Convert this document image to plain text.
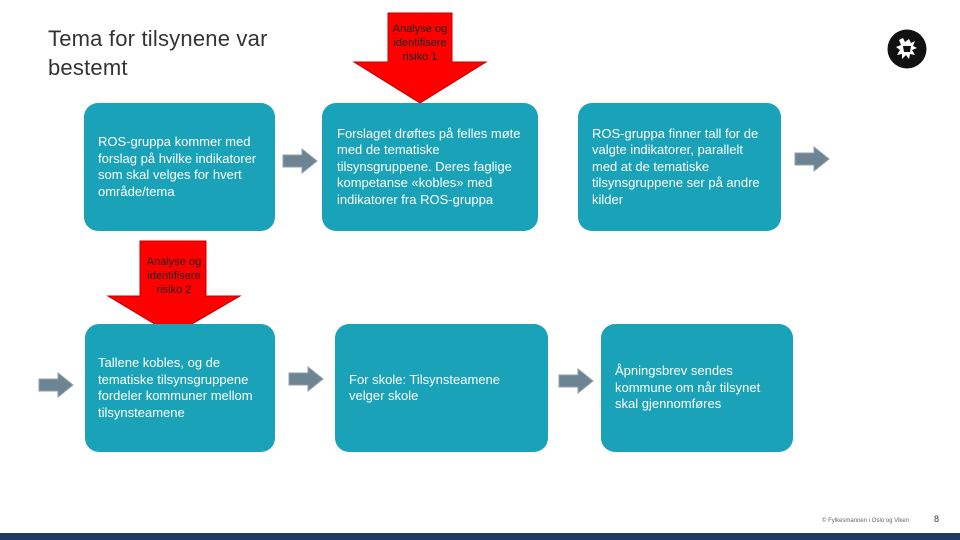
Tema for tilsynene var bestemt
Analyse og identifisere risiko 1
Analyse og identifisere risiko 2
ROS-gruppa kommer med forslag på hvilke indikatorer som skal velges for hvert område/tema
Forslaget drøftes på felles møte med de tematiske tilsynsgruppene. Deres faglige kompetanse «kobles» med indikatorer fra ROS-gruppa
ROS-gruppa finner tall for de valgte indikatorer, parallelt med at de tematiske tilsynsgruppene ser på andre kilder
Tallene kobles, og de tematiske tilsynsgruppene fordeler kommuner mellom tilsynsteamene
For skole: Tilsynsteamene velger skole
Åpningsbrev sendes kommune om når tilsynet skal gjennomføres
© Fylkesmannen i Oslo og Viken	8
